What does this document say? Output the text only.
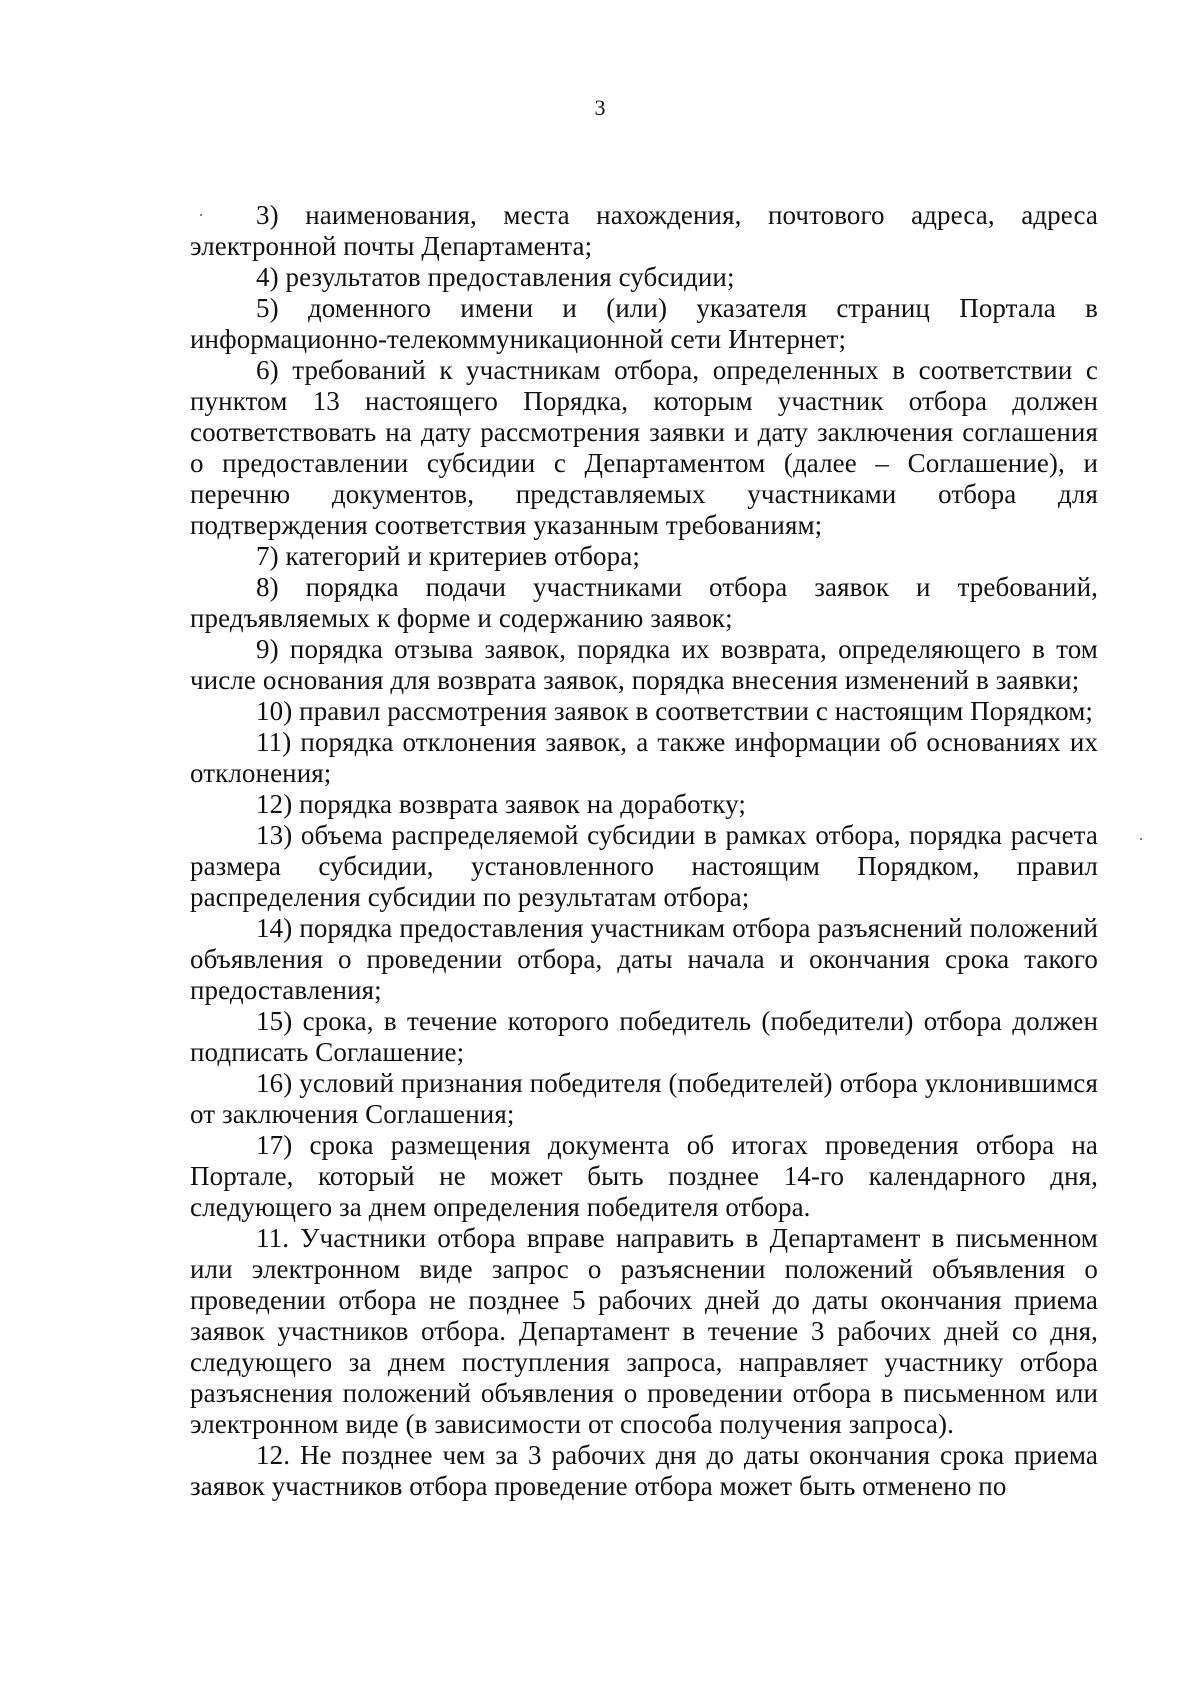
3

3) наименования, места нахождения, почтового адреса, адреса электронной почты Департамента;

4) результатов предоставления субсидии;

5) доменного имени и (или) указателя страниц Портала в информационно-телекоммуникационной сети Интернет;

6) требований к участникам отбора, определенных в соответствии с пунктом 13 настоящего Порядка, которым участник отбора должен соответствовать на дату рассмотрения заявки и дату заключения соглашения о предоставлении субсидии с Департаментом (далее – Соглашение), и перечню документов, представляемых участниками отбора для подтверждения соответствия указанным требованиям;

7) категорий и критериев отбора;

8) порядка подачи участниками отбора заявок и требований, предъявляемых к форме и содержанию заявок;

9) порядка отзыва заявок, порядка их возврата, определяющего в том числе основания для возврата заявок, порядка внесения изменений в заявки;

10) правил рассмотрения заявок в соответствии с настоящим Порядком;

11) порядка отклонения заявок, а также информации об основаниях их отклонения;

12) порядка возврата заявок на доработку;

13) объема распределяемой субсидии в рамках отбора, порядка расчета размера субсидии, установленного настоящим Порядком, правил распределения субсидии по результатам отбора;

14) порядка предоставления участникам отбора разъяснений положений объявления о проведении отбора, даты начала и окончания срока такого предоставления;

15) срока, в течение которого победитель (победители) отбора должен подписать Соглашение;

16) условий признания победителя (победителей) отбора уклонившимся от заключения Соглашения;

17) срока размещения документа об итогах проведения отбора на Портале, который не может быть позднее 14-го календарного дня, следующего за днем определения победителя отбора.

11. Участники отбора вправе направить в Департамент в письменном или электронном виде запрос о разъяснении положений объявления о проведении отбора не позднее 5 рабочих дней до даты окончания приема заявок участников отбора. Департамент в течение 3 рабочих дней со дня, следующего за днем поступления запроса, направляет участнику отбора разъяснения положений объявления о проведении отбора в письменном или электронном виде (в зависимости от способа получения запроса).

12. Не позднее чем за 3 рабочих дня до даты окончания срока приема заявок участников отбора проведение отбора может быть отменено по
